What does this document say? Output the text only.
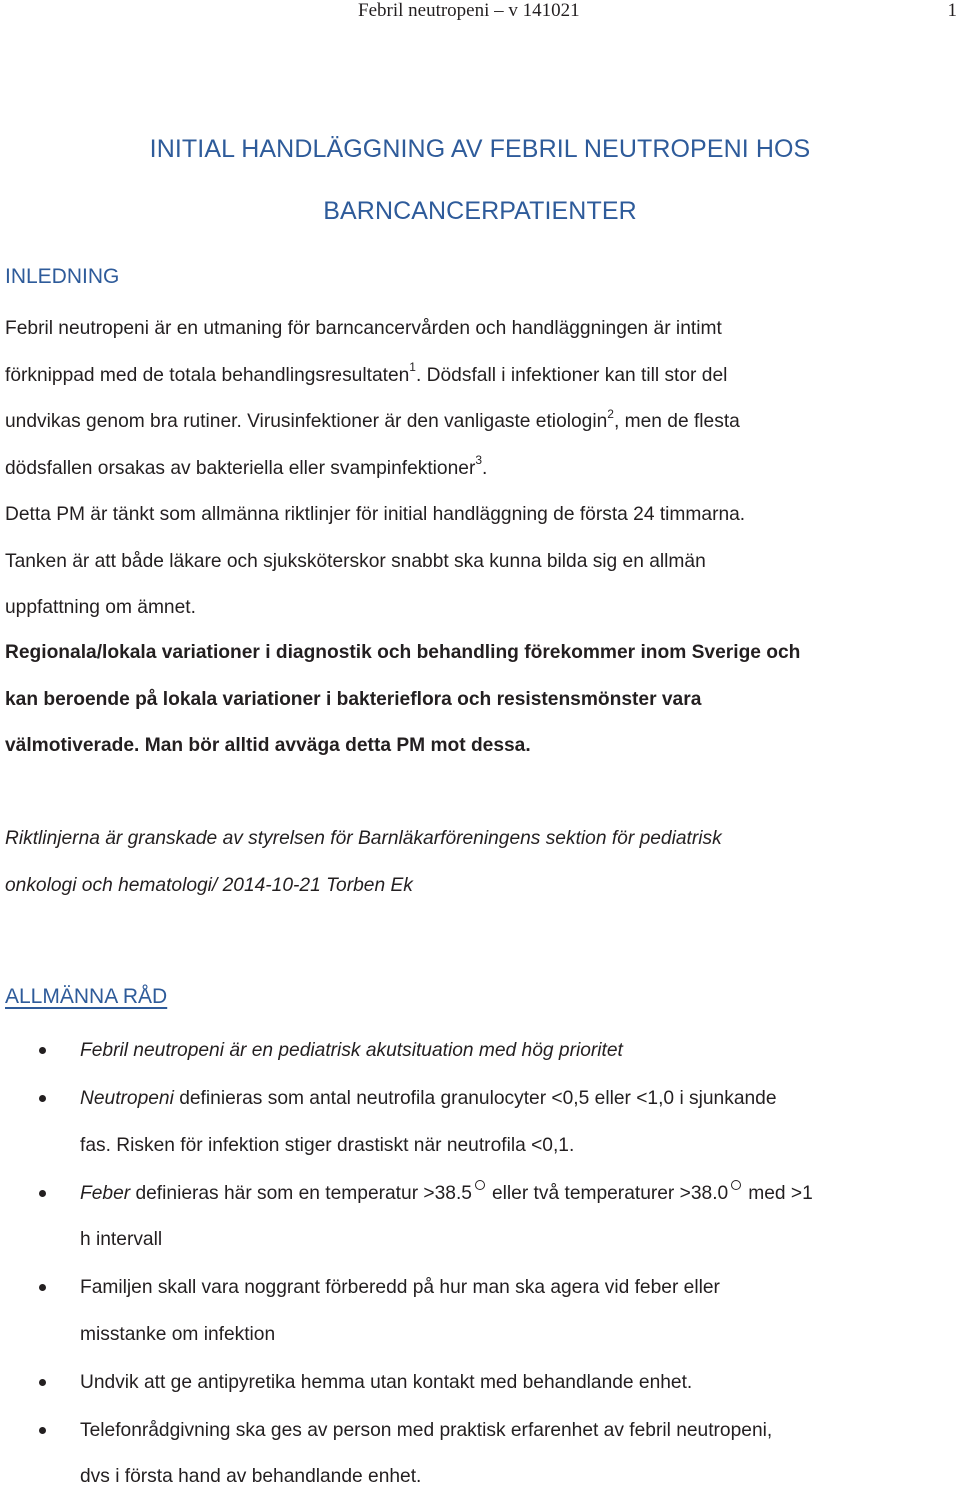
Febril neutropeni – v 141021	1
INITIAL HANDLÄGGNING AV FEBRIL NEUTROPENI HOS
BARNCANCERPATIENTER
INLEDNING
Febril neutropeni är en utmaning för barncancervården och handläggningen är intimt
förknippad med de totala behandlingsresultaten$^1$. Dödsfall i infektioner kan till stor del
undvikas genom bra rutiner. Virusinfektioner är den vanligaste etiologin$^2$, men de flesta
dödsfallen orsakas av bakteriella eller svampinfektioner$^3$.
Detta PM är tänkt som allmänna riktlinjer för initial handläggning de första 24 timmarna.
Tanken är att både läkare och sjuksköterskor snabbt ska kunna bilda sig en allmän
uppfattning om ämnet.
Regionala/lokala variationer i diagnostik och behandling förekommer inom Sverige och
kan beroende på lokala variationer i bakterieflora och resistensmönster vara
välmotiverade. Man bör alltid avväga detta PM mot dessa.
Riktlinjerna är granskade av styrelsen för Barnläkarföreningens sektion för pediatrisk
onkologi och hematologi/ 2014-10-21 Torben Ek
ALLMÄNNA RÅD
Febril neutropeni är en pediatrisk akutsituation med hög prioritet
Neutropeni definieras som antal neutrofila granulocyter <0,5 eller <1,0 i sjunkande
fas. Risken för infektion stiger drastiskt när neutrofila <0,1.
Feber definieras här som en temperatur >38.5 eller två temperaturer >38.0 med >1
h intervall
Familjen skall vara noggrant förberedd på hur man ska agera vid feber eller
misstanke om infektion
Undvik att ge antipyretika hemma utan kontakt med behandlande enhet.
Telefonrådgivning ska ges av person med praktisk erfarenhet av febril neutropeni,
dvs i första hand av behandlande enhet.
